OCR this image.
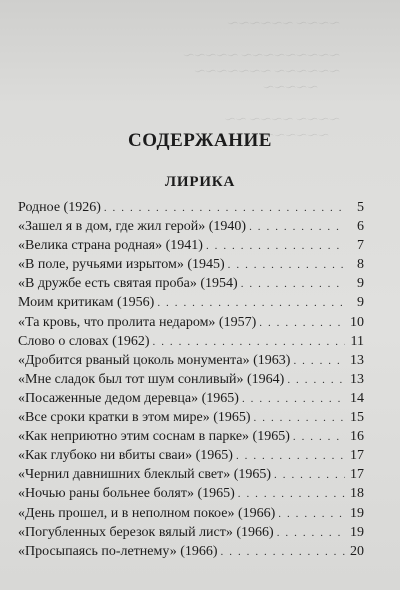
～～～～ ～～～～～～

～～～～～～～～～ ～～～～～
～～～～～～ ～～～～～～～
～～～～～

～～～～ ～～～～ ～～
～～～～～～
СОДЕРЖАНИЕ
ЛИРИКА
Родное (1926) . . .	5
«Зашел я в дом, где жил герой» (1940) . . .	6
«Велика страна родная» (1941) . . .	7
«В поле, ручьями изрытом» (1945) . . .	8
«В дружбе есть святая проба» (1954) . . .	9
Моим критикам (1956) . . .	9
«Та кровь, что пролита недаром» (1957) . . .	10
Слово о словах (1962) . . .	11
«Дробится рваный цоколь монумента» (1963) . . .	13
«Мне сладок был тот шум сонливый» (1964) . . .	13
«Посаженные дедом деревца» (1965) . . .	14
«Все сроки кратки в этом мире» (1965) . . .	15
«Как неприютно этим соснам в парке» (1965) . . .	16
«Как глубоко ни вбиты сваи» (1965) . . .	17
«Чернил давнишних блеклый свет» (1965) . . .	17
«Ночью раны больнее болят» (1965) . . .	18
«День прошел, и в неполном покое» (1966) . . .	19
«Погубленных березок вялый лист» (1966) . . .	19
«Просыпаясь по-летнему» (1966) . . .	20
